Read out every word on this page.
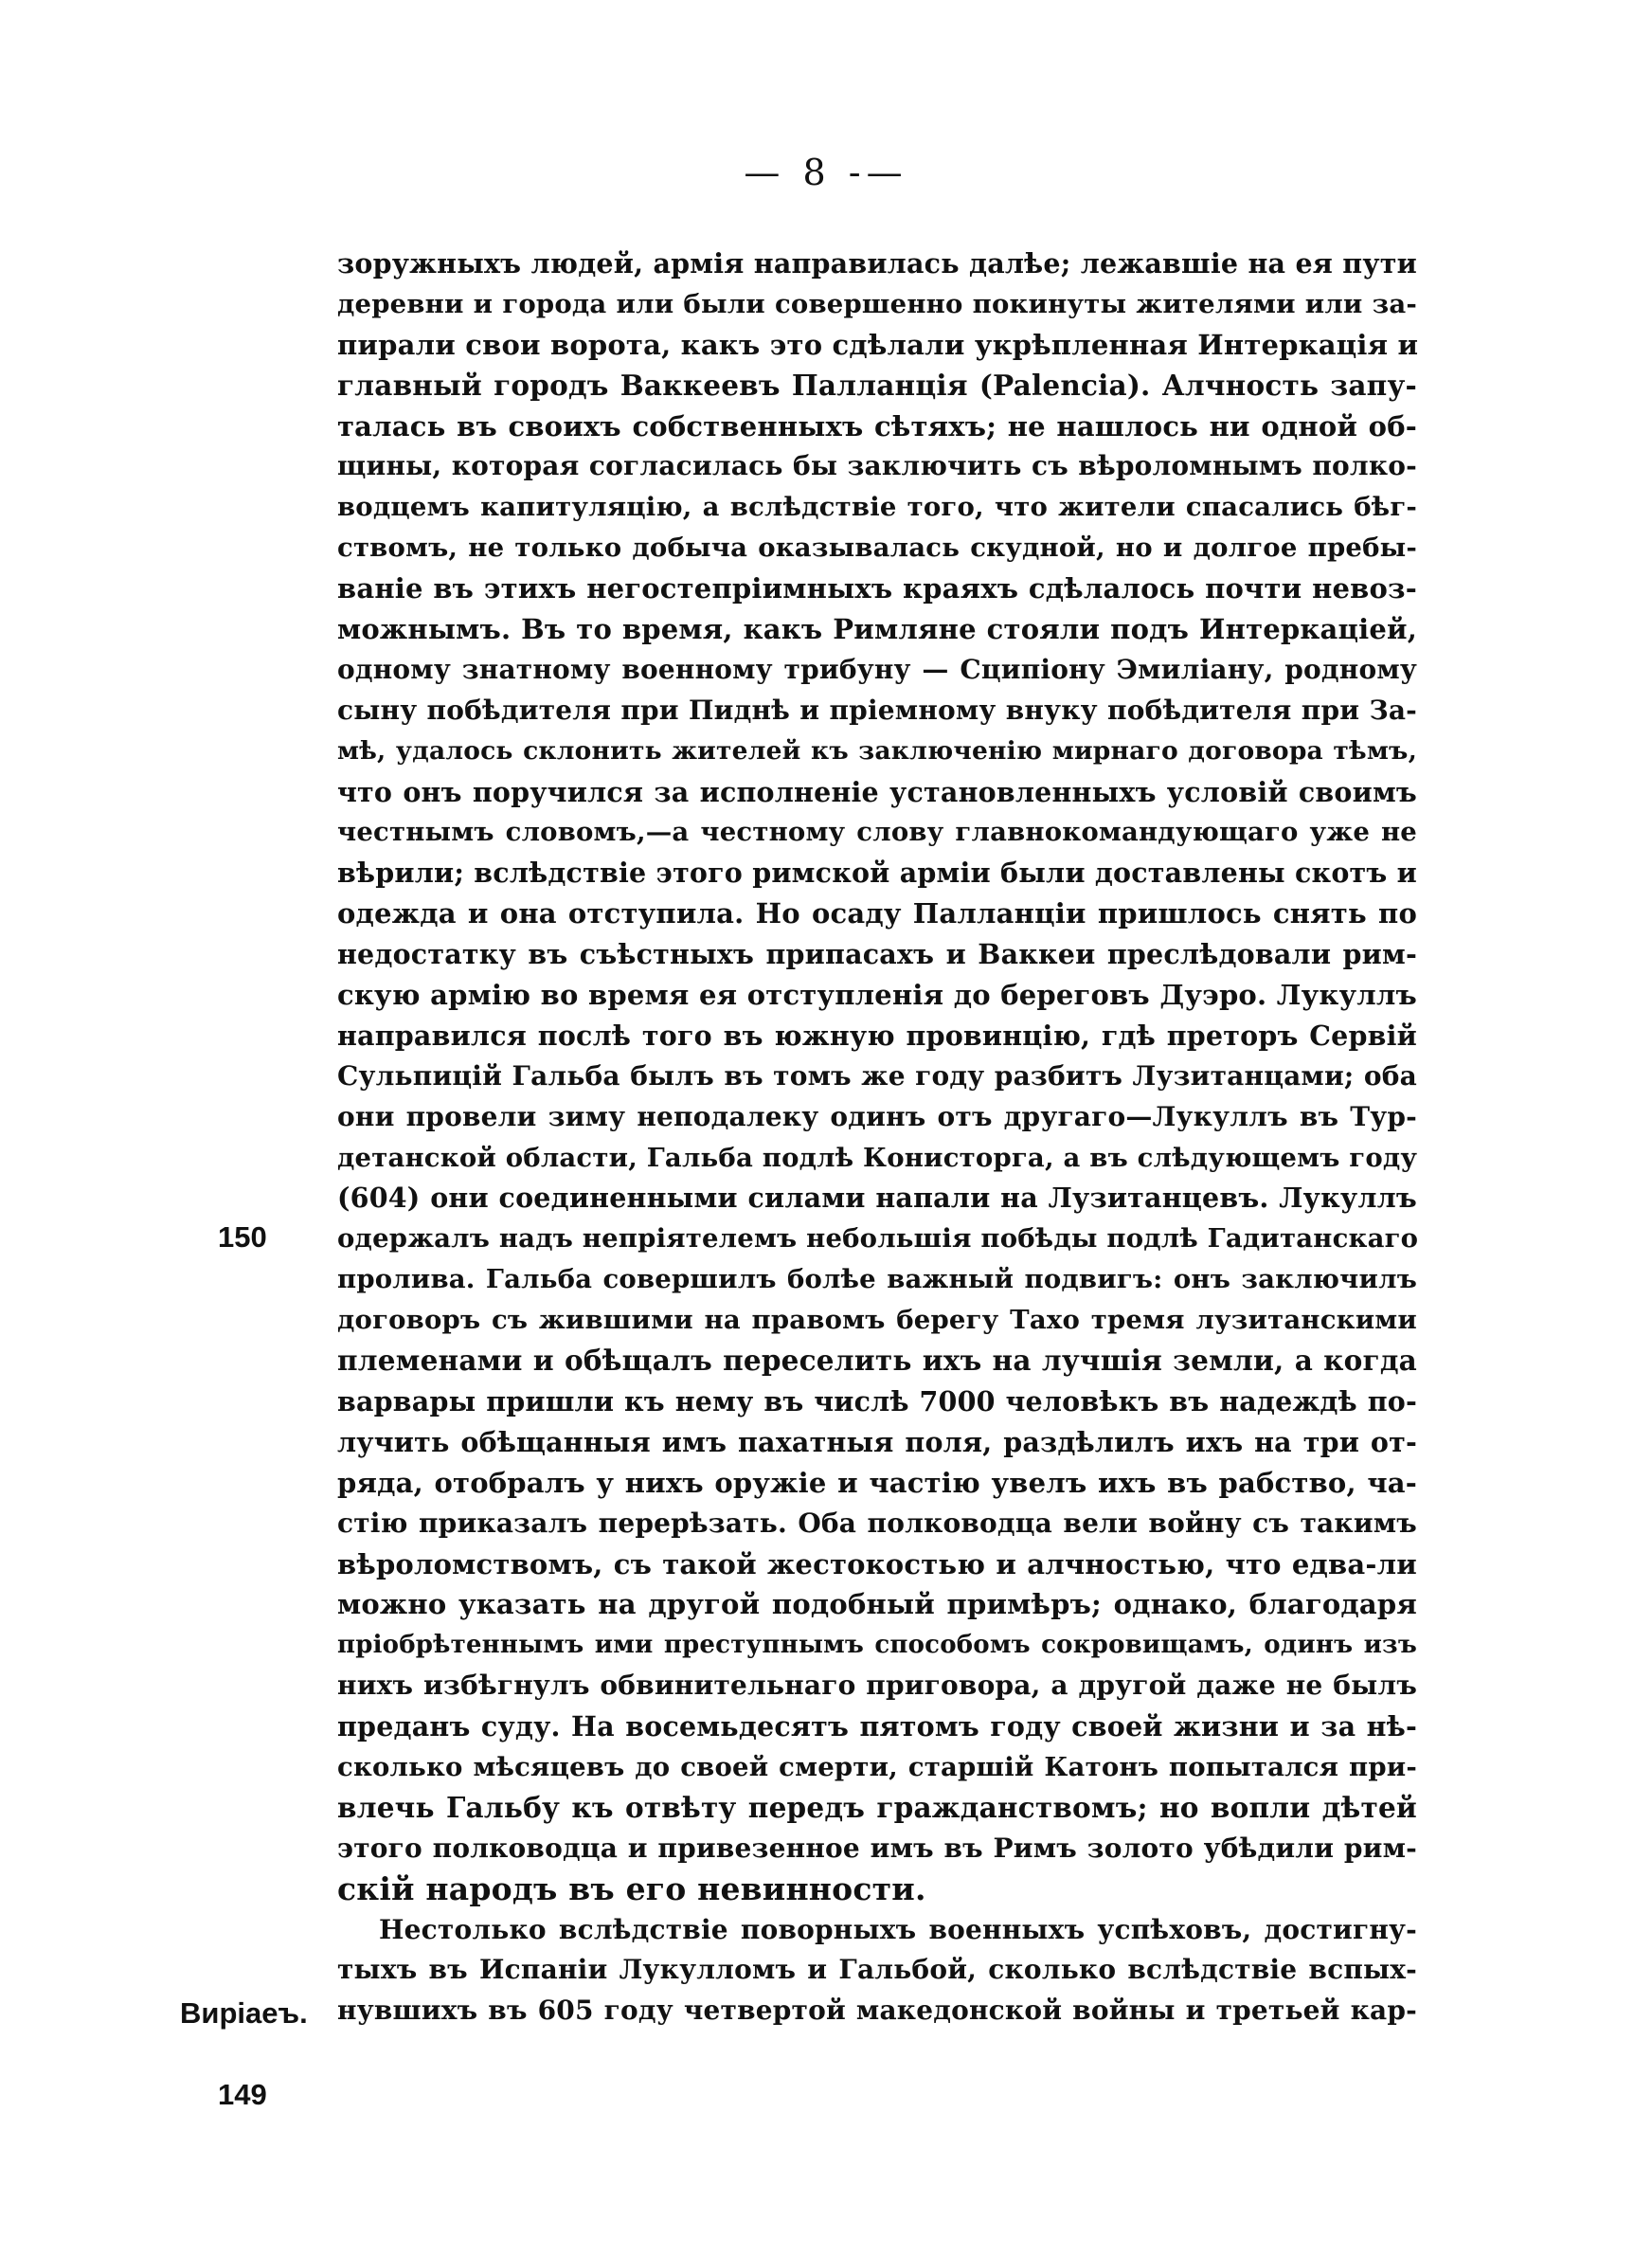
— 8 -—
150
Виріаеъ.
149
зоружныхъ людей, армія направилась далѣе; лежавшіе на ея пути
деревни и города или были совершенно покинуты жителями или за-
пирали свои ворота, какъ это сдѣлали укрѣпленная Интеркація и
главный городъ Ваккеевъ Палланція (Palencia). Алчность запу-
талась въ своихъ собственныхъ сѣтяхъ; не нашлось ни одной об-
щины, которая согласилась бы заключить съ вѣроломнымъ полко-
водцемъ капитуляцію, а вслѣдствіе того, что жители спасались бѣг-
ствомъ, не только добыча оказывалась скудной, но и долгое пребы-
ваніе въ этихъ негостепріимныхъ краяхъ сдѣлалось почти невоз-
можнымъ. Въ то время, какъ Римляне стояли подъ Интеркаціей,
одному знатному военному трибуну — Сципіону Эмиліану, родному
сыну побѣдителя при Пиднѣ и пріемному внуку побѣдителя при За-
мѣ, удалось склонить жителей къ заключенію мирнаго договора тѣмъ,
что онъ поручился за исполненіе установленныхъ условій своимъ
честнымъ словомъ,—а честному слову главнокомандующаго уже не
вѣрили; вслѣдствіе этого римской арміи были доставлены скотъ и
одежда и она отступила. Но осаду Палланціи пришлось снять по
недостатку въ съѣстныхъ припасахъ и Ваккеи преслѣдовали рим-
скую армію во время ея отступленія до береговъ Дуэро. Лукуллъ
направился послѣ того въ южную провинцію, гдѣ преторъ Сервій
Сульпицій Гальба былъ въ томъ же году разбитъ Лузитанцами; оба
они провели зиму неподалеку одинъ отъ другаго—Лукуллъ въ Тур-
детанской области, Гальба подлѣ Конисторга, а въ слѣдующемъ году
(604) они соединенными силами напали на Лузитанцевъ. Лукуллъ
одержалъ надъ непріятелемъ небольшія побѣды подлѣ Гадитанскаго
пролива. Гальба совершилъ болѣе важный подвигъ: онъ заключилъ
договоръ съ жившими на правомъ берегу Тахо тремя лузитанскими
племенами и обѣщалъ переселить ихъ на лучшія земли, а когда
варвары пришли къ нему въ числѣ 7000 человѣкъ въ надеждѣ по-
лучить обѣщанныя имъ пахатныя поля, раздѣлилъ ихъ на три от-
ряда, отобралъ у нихъ оружіе и частію увелъ ихъ въ рабство, ча-
стію приказалъ перерѣзать. Оба полководца вели войну съ такимъ
вѣроломствомъ, съ такой жестокостью и алчностью, что едва-ли
можно указать на другой подобный примѣръ; однако, благодаря
пріобрѣтеннымъ ими преступнымъ способомъ сокровищамъ, одинъ изъ
нихъ избѣгнулъ обвинительнаго приговора, а другой даже не былъ
преданъ суду. На восемьдесятъ пятомъ году своей жизни и за нѣ-
сколько мѣсяцевъ до своей смерти, старшій Катонъ попытался при-
влечь Гальбу къ отвѣту передъ гражданствомъ; но вопли дѣтей
этого полководца и привезенное имъ въ Римъ золото убѣдили рим-
скій народъ въ его невинности.
Нестолько вслѣдствіе поворныхъ военныхъ успѣховъ, достигну-
тыхъ въ Испаніи Лукулломъ и Гальбой, сколько вслѣдствіе вспых-
нувшихъ въ 605 году четвертой македонской войны и третьей кар-
